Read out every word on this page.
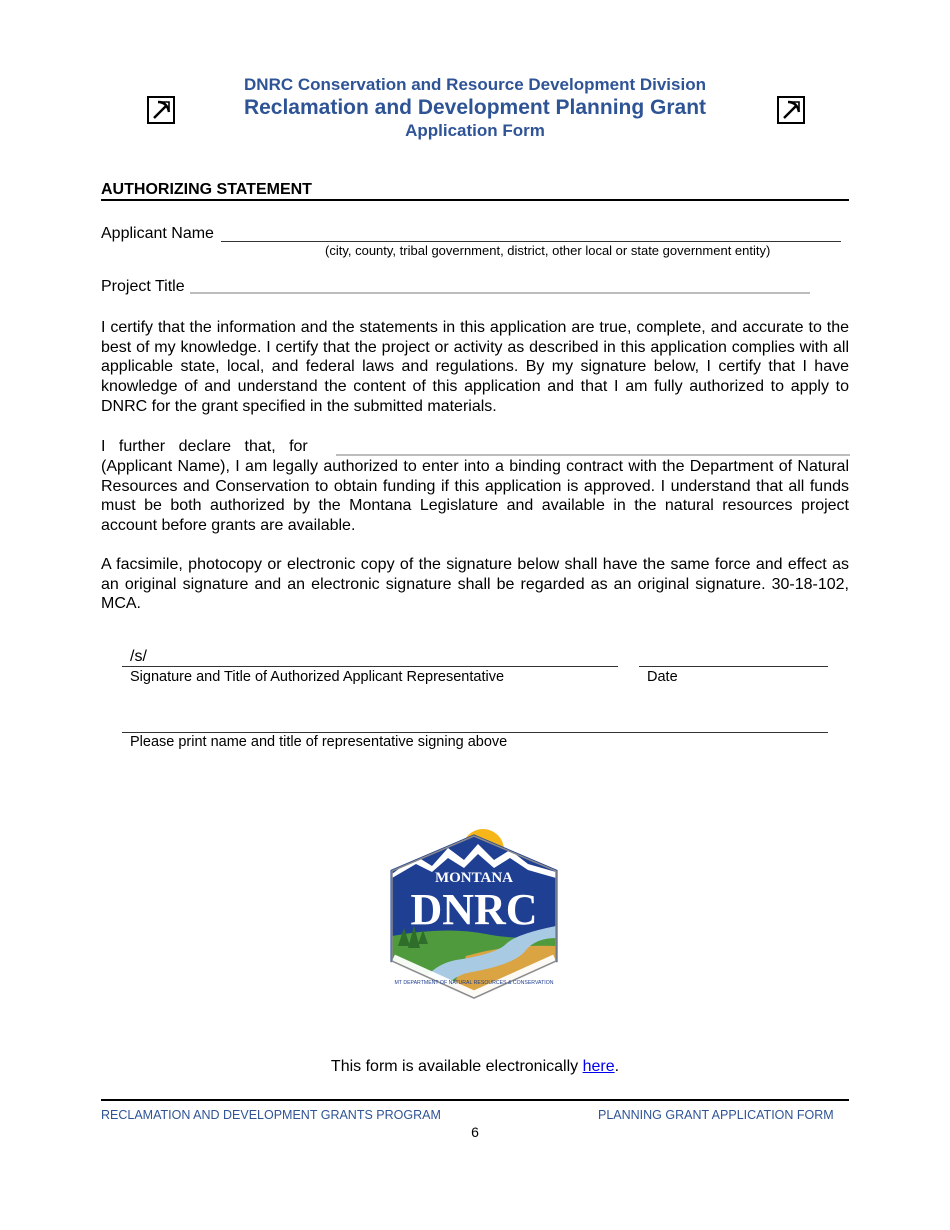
DNRC Conservation and Resource Development Division
Reclamation and Development Planning Grant
Application Form
AUTHORIZING STATEMENT
Applicant Name
(city, county, tribal government, district, other local or state government entity)
Project Title
I certify that the information and the statements in this application are true, complete, and accurate to the best of my knowledge. I certify that the project or activity as described in this application complies with all applicable state, local, and federal laws and regulations. By my signature below, I certify that I have knowledge of and understand the content of this application and that I am fully authorized to apply to DNRC for the grant specified in the submitted materials.
I further declare that, for
(Applicant Name), I am legally authorized to enter into a binding contract with the Department of Natural Resources and Conservation to obtain funding if this application is approved. I understand that all funds must be both authorized by the Montana Legislature and available in the natural resources project account before grants are available.
A facsimile, photocopy or electronic copy of the signature below shall have the same force and effect as an original signature and an electronic signature shall be regarded as an original signature. 30-18-102, MCA.
/s/
Signature and Title of Authorized Applicant Representative	Date
Please print name and title of representative signing above
MONTANA
DNRC
MT DEPARTMENT OF NATURAL RESOURCES & CONSERVATION
This form is available electronically here.
RECLAMATION AND DEVELOPMENT GRANTS PROGRAM	PLANNING GRANT APPLICATION FORM
6
